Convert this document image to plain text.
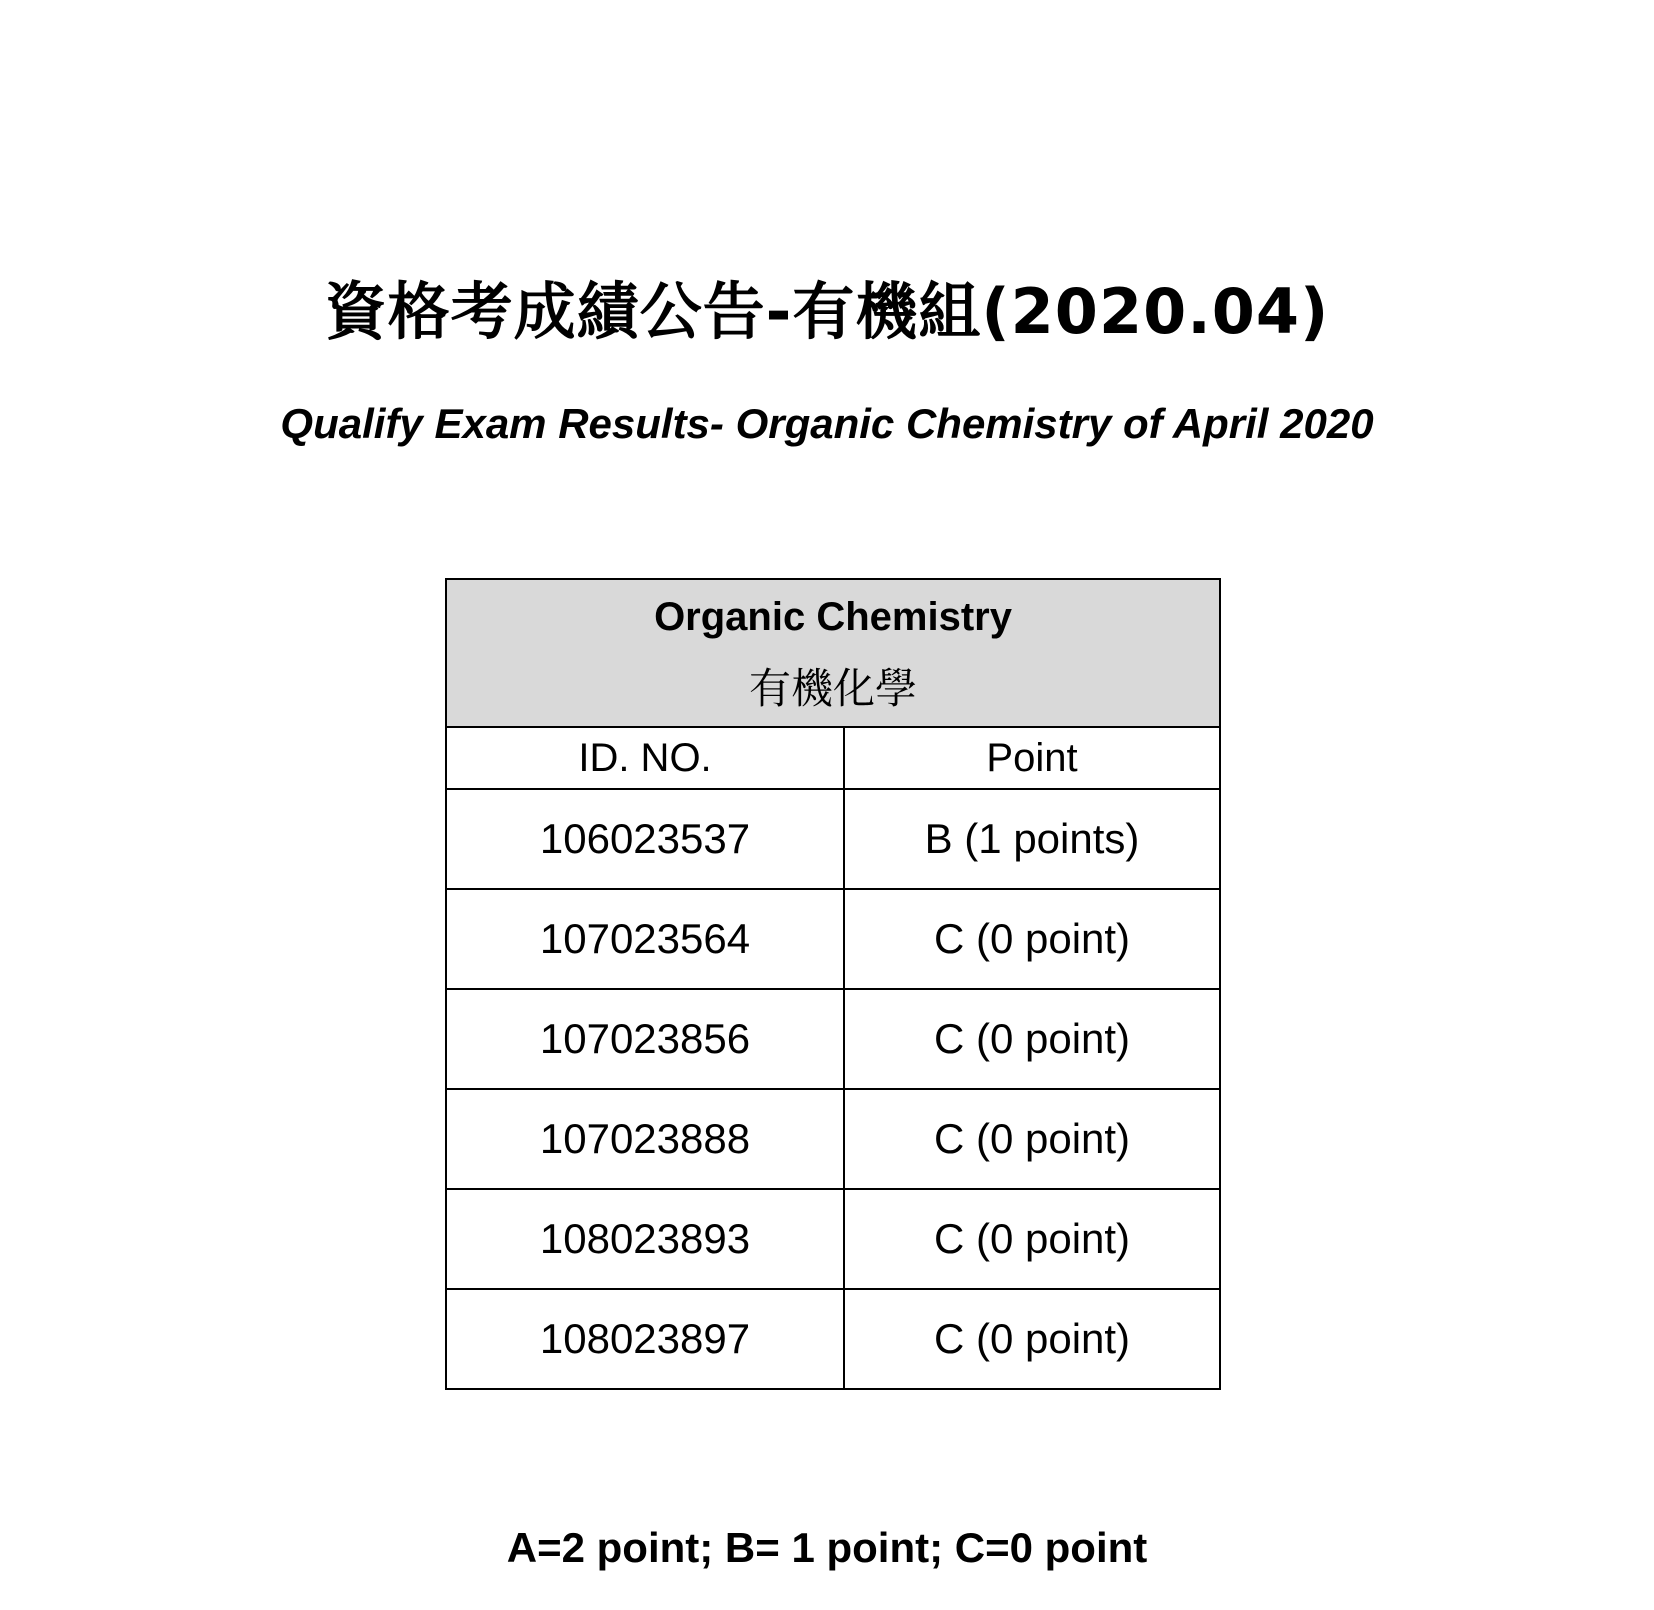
資格考成績公告-有機組(2020.04)
Qualify Exam Results- Organic Chemistry of April 2020
Organic Chemistry
有機化學	

ID. NO.	Point
106023537	B (1 points)
107023564	C (0 point)
107023856	C (0 point)
107023888	C (0 point)
108023893	C (0 point)
108023897	C (0 point)
A=2 point; B= 1 point; C=0 point
